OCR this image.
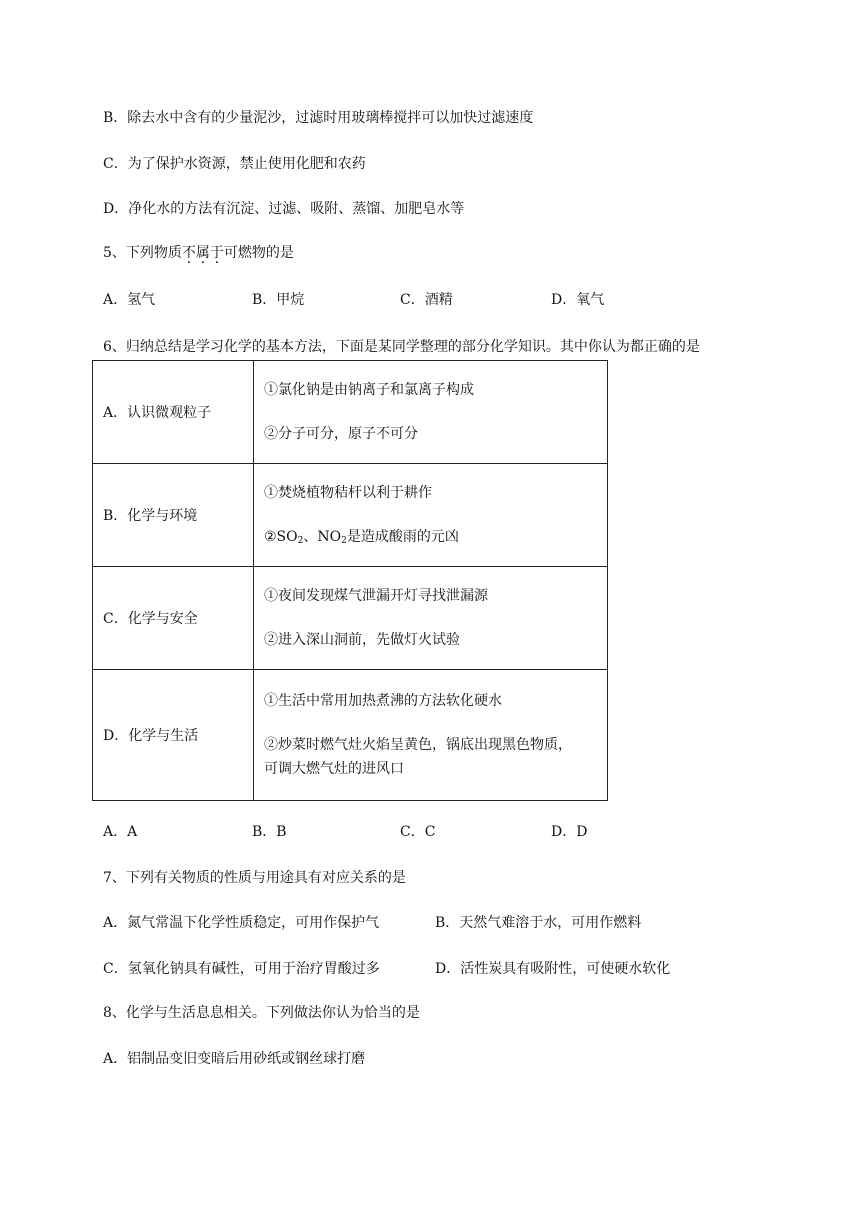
B．除去水中含有的少量泥沙，过滤时用玻璃棒搅拌可以加快过滤速度
C．为了保护水资源，禁止使用化肥和农药
D．净化水的方法有沉淀、过滤、吸附、蒸馏、加肥皂水等
5、下列物质不属于可燃物的是
A．氢气	B．甲烷	C．酒精	D．氧气
6、归纳总结是学习化学的基本方法，下面是某同学整理的部分化学知识。其中你认为都正确的是
A．认识微观粒子	①氯化钠是由钠离子和氯离子构成
②分子可分，原子不可分

B．化学与环境	①焚烧植物秸杆以利于耕作
$②SO_2$、$NO_2$是造成酸雨的元凶

C．化学与安全	①夜间发现煤气泄漏开灯寻找泄漏源
②进入深山洞前，先做灯火试验

D．化学与生活	①生活中常用加热煮沸的方法软化硬水
②炒菜时燃气灶火焰呈黄色，锅底出现黑色物质，
可调大燃气灶的进风口
A．A	B．B	C．C	D．D
7、下列有关物质的性质与用途具有对应关系的是
A．氮气常温下化学性质稳定，可用作保护气	B．天然气难溶于水，可用作燃料
C．氢氧化钠具有碱性，可用于治疗胃酸过多	D．活性炭具有吸附性，可使硬水软化
8、化学与生活息息相关。下列做法你认为恰当的是
A．铝制品变旧变暗后用砂纸或钢丝球打磨
